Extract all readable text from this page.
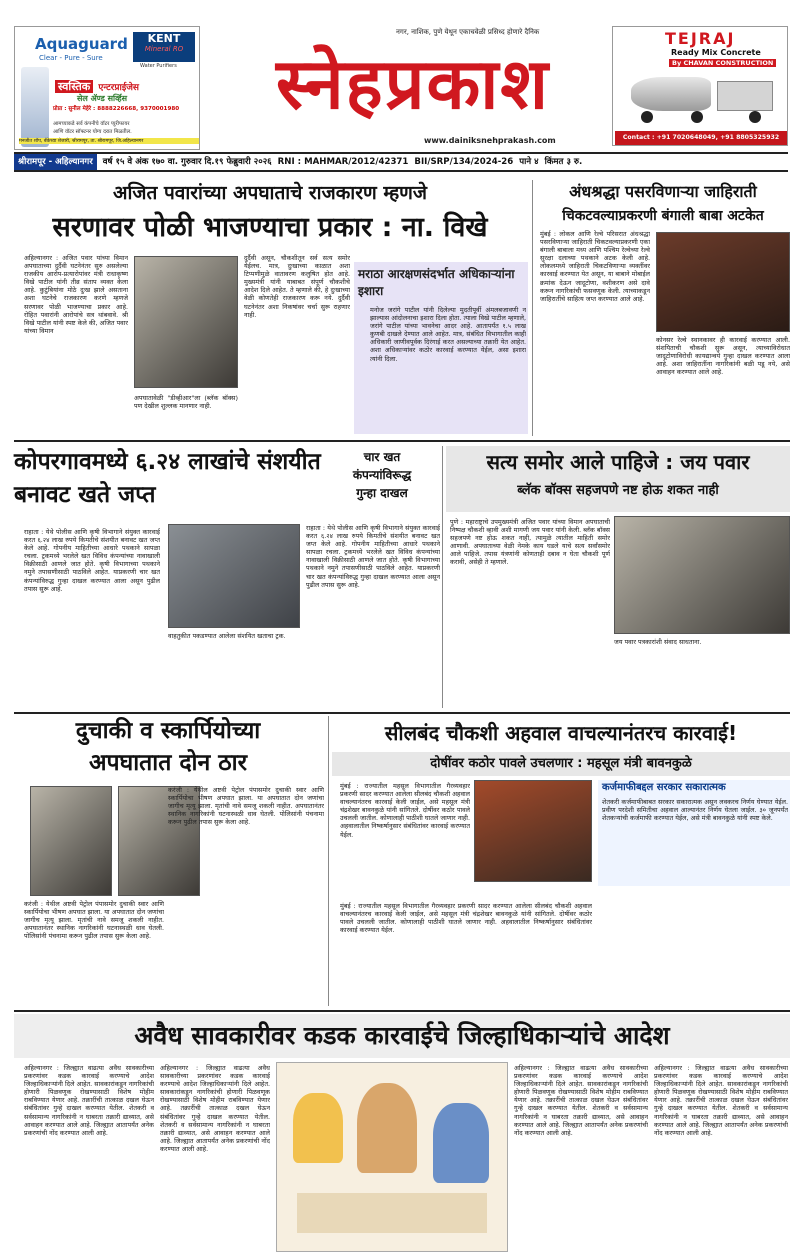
Aquaguard
Clear - Pure - Sure
KENT
Mineral RO
Water Purifiers
स्वस्तिक एन्टरप्राईजेस
सेल ॲण्ड सर्व्हिस
प्रोप्रा : सुनील मेहेरे : 8888226668, 9370001980
आमच्याकडे सर्व कंपनीचे वॉटर प्युरीफायर
आणि वॉटर सॉफ्टनर योग्य दरात मिळतील.
मनजीत शॉप, बँकेच्या शेजारी, श्रीरामपूर, ता. श्रीरामपूर, जि.अहिल्यानगर
नगर, नाशिक, पुणे येथून एकाचवेळी प्रसिध्द होणारे दैनिक
स्नेहप्रकाश
www.dainiksnehprakash.com
TEJRAJ
Ready Mix Concrete
By CHAVAN CONSTRUCTION
Contact : +91 7020648049, +91 8805325932
श्रीरामपूर - अहिल्यानगर वर्ष १५ वे अंक १७० वा. गुरुवार दि.१९ फेब्रुवारी २०२६ RNI : MAHMAR/2012/42371 BII/SRP/134/2024-26 पाने ४ किंमत ३ रु.
अजित पवारांच्या अपघाताचे राजकारण म्हणजे
सरणावर पोळी भाजण्याचा प्रकार : ना. विखे
अहिल्यानगर : अजित पवार यांच्या विमान अपघाताच्या दुर्दैवी घटनेनंतर सुरु असलेल्या राजकीय आरोप-प्रत्यारोपांवर मंत्री राधाकृष्ण विखे पाटील यांनी तीव्र संताप व्यक्त केला आहे. कुटुंबियांना मोठे दुःख झाले असताना अशा घटनेचे राजकारण करणे म्हणजे सरणावर पोळी भाजण्याचा प्रकार आहे. रोहित पवारांनी आरोपांचे सत्र थांबवावे. श्री विखे पाटील यांनी स्पष्ट केले की, अजित पवार यांच्या विमान
अपघातावेळी "डीव्हीआर"ला (ब्लॅक बॉक्स) पण देखील शुल्लक मानणार नाही.
दुर्दैवी असून, चौकशीतून सर्व सत्य समोर येईलच. मात्र, दुःखाच्या काळात अशा टिप्पणीमुळे वातावरण कलुषित होत आहे. मुख्यमंत्री यांनी याबाबत संपूर्ण चौकशीचे आदेश दिले आहेत. ते म्हणाले की, हे दुःखाच्या वेळी कोणतेही राजकारण करू नये. दुर्दैवी घटनेनंतर अशा निकषांवर चर्चा सुरू राहणार नाही.
मराठा आरक्षणसंदर्भात अधिकाऱ्यांना इशारा
मनोज जरांगे पाटील यांनी दिलेल्या मुदतीपूर्वी अंमलबजावणी न झाल्यास आंदोलनाचा इशारा दिला होता. त्याला विखे पाटील म्हणाले, जरांगे पाटील यांच्या भावनेचा आदर आहे. आतापर्यंत १.५ लाख कुणबी दाखले देण्यात आले आहेत. मात्र, संबंधित विभागातील काही अधिकारी जाणीवपूर्वक दिरंगाई करत असल्याच्या तक्रारी येत आहेत. अशा अधिकाऱ्यांवर कठोर कारवाई करण्यात येईल, असा इशारा त्यांनी दिला.
अंधश्रद्धा पसरविणाऱ्या जाहिराती
चिकटवल्याप्रकरणी बंगाली बाबा अटकेत
मुंबई : लोकल आणि रेल्वे परिसरात अंधश्रद्धा पसरविणाऱ्या जाहिराती चिकटवल्याप्रकरणी एका बंगाली बाबाला मध्य आणि पश्चिम रेल्वेच्या रेल्वे सुरक्षा दलाच्या पथकाने अटक केली आहे. लोकलमध्ये जाहिराती चिकटविणाऱ्या व्यक्तींवर कारवाई करण्यात येत असून, या बाबाने मोबाईल क्रमांक देऊन जादूटोणा, वशीकरण असे दावे करून नागरिकांची फसवणूक केली. त्याच्याकडून जाहिरातींचे साहित्य जप्त करण्यात आले आहे.
कोनसर रेल्वे स्थानकावर ही कारवाई करण्यात आली. संशयिताची चौकशी सुरू असून, त्याच्याविरोधात जादूटोणाविरोधी कायद्यान्वये गुन्हा दाखल करण्यात आला आहे. अशा जाहिरातींना नागरिकांनी बळी पडू नये, असे आवाहन करण्यात आले आहे.
कोपरगावमध्ये ६.२४ लाखांचे संशयीत बनावट खते जप्त
चार खत
कंपन्यांविरूद्ध
गुन्हा दाखल
राहाता : येथे पोलीस आणि कृषी विभागाने संयुक्त कारवाई करत ६.२४ लाख रुपये किमतीचे संशयीत बनावट खत जप्त केले आहे. गोपनीय माहितीच्या आधारे पथकाने सापळा रचला. ट्रकमध्ये भरलेले खत विविध कंपन्यांच्या नावाखाली विक्रीसाठी आणले जात होते. कृषी विभागाच्या पथकाने नमुने तपासणीसाठी पाठविले आहेत. याप्रकरणी चार खत कंपन्यांविरुद्ध गुन्हा दाखल करण्यात आला असून पुढील तपास सुरू आहे.
वाहतुकीत पकडण्यात आलेला संशयित खताचा ट्रक.
राहाता : येथे पोलीस आणि कृषी विभागाने संयुक्त कारवाई करत ६.२४ लाख रुपये किमतीचे संशयीत बनावट खत जप्त केले आहे. गोपनीय माहितीच्या आधारे पथकाने सापळा रचला. ट्रकमध्ये भरलेले खत विविध कंपन्यांच्या नावाखाली विक्रीसाठी आणले जात होते. कृषी विभागाच्या पथकाने नमुने तपासणीसाठी पाठविले आहेत. याप्रकरणी चार खत कंपन्यांविरुद्ध गुन्हा दाखल करण्यात आला असून पुढील तपास सुरू आहे.
सत्य समोर आले पाहिजे : जय पवार
ब्लॅक बॉक्स सहजपणे नष्ट होऊ शकत नाही
पुणे : महाराष्ट्राचे उपमुख्यमंत्री अजित पवार यांच्या विमान अपघाताची निष्पक्ष चौकशी व्हावी अशी मागणी जय पवार यांनी केली. ब्लॅक बॉक्स सहजपणे नष्ट होऊ शकत नाही, त्यामुळे त्यातील माहिती समोर आणावी. अपघाताच्या वेळी नेमके काय घडले याचे सत्य सर्वांसमोर आले पाहिजे. तपास यंत्रणांनी कोणताही दबाव न घेता चौकशी पूर्ण करावी, असेही ते म्हणाले.
जय पवार पत्रकारांशी संवाद साधताना.
दुचाकी व स्कार्पियोच्या
अपघातात दोन ठार
करंजी : येथील अष्टवी पेट्रोल पंपासमोर दुचाकी स्वार आणि स्कार्पियोचा भीषण अपघात झाला. या अपघातात दोन जणांचा जागीच मृत्यू झाला. मृतांची नावे समजू शकली नाहीत. अपघातानंतर स्थानिक नागरिकांनी घटनास्थळी धाव घेतली. पोलिसांनी पंचनामा करून पुढील तपास सुरू केला आहे.
करंजी : येथील अष्टवी पेट्रोल पंपासमोर दुचाकी स्वार आणि स्कार्पियोचा भीषण अपघात झाला. या अपघातात दोन जणांचा जागीच मृत्यू झाला. मृतांची नावे समजू शकली नाहीत. अपघातानंतर स्थानिक नागरिकांनी घटनास्थळी धाव घेतली. पोलिसांनी पंचनामा करून पुढील तपास सुरू केला आहे.
सीलबंद चौकशी अहवाल वाचल्यानंतरच कारवाई!
दोषींवर कठोर पावले उचलणार : महसूल मंत्री बावनकुळे
मुंबई : राज्यातील महसूल विभागातील गैरव्यवहार प्रकरणी सादर करण्यात आलेला सीलबंद चौकशी अहवाल वाचल्यानंतरच कारवाई केली जाईल, असे महसूल मंत्री चंद्रशेखर बावनकुळे यांनी सांगितले. दोषींवर कठोर पावले उचलली जातील. कोणालाही पाठीशी घातले जाणार नाही. अहवालातील निष्कर्षानुसार संबंधितांवर कारवाई करण्यात येईल.
मुंबई : राज्यातील महसूल विभागातील गैरव्यवहार प्रकरणी सादर करण्यात आलेला सीलबंद चौकशी अहवाल वाचल्यानंतरच कारवाई केली जाईल, असे महसूल मंत्री चंद्रशेखर बावनकुळे यांनी सांगितले. दोषींवर कठोर पावले उचलली जातील. कोणालाही पाठीशी घातले जाणार नाही. अहवालातील निष्कर्षानुसार संबंधितांवर कारवाई करण्यात येईल.
कर्जमाफीबद्दल सरकार सकारात्मक
शेतकरी कर्जमाफीबाबत सरकार सकारात्मक असून लवकरच निर्णय घेण्यात येईल. प्रवीण परदेशी समितीचा अहवाल आल्यानंतर निर्णय घेतला जाईल. ३० जूनपर्यंत शेतकऱ्यांची कर्जमाफी करण्यात येईल, असे मंत्री बावनकुळे यांनी स्पष्ट केले.
अवैध सावकारीवर कडक कारवाईचे जिल्हाधिकाऱ्यांचे आदेश
अहिल्यानगर : जिल्ह्यात वाढत्या अवैध सावकारीच्या प्रकरणांवर कडक कारवाई करण्याचे आदेश जिल्हाधिकाऱ्यांनी दिले आहेत. सावकारांकडून नागरिकांची होणारी पिळवणूक रोखण्यासाठी विशेष मोहीम राबविण्यात येणार आहे. तक्रारींची तात्काळ दखल घेऊन संबंधितांवर गुन्हे दाखल करण्यात येतील. शेतकरी व सर्वसामान्य नागरिकांनी न घाबरता तक्रारी द्याव्यात, असे आवाहन करण्यात आले आहे. जिल्ह्यात आतापर्यंत अनेक प्रकरणांची नोंद करण्यात आली आहे.
अहिल्यानगर : जिल्ह्यात वाढत्या अवैध सावकारीच्या प्रकरणांवर कडक कारवाई करण्याचे आदेश जिल्हाधिकाऱ्यांनी दिले आहेत. सावकारांकडून नागरिकांची होणारी पिळवणूक रोखण्यासाठी विशेष मोहीम राबविण्यात येणार आहे. तक्रारींची तात्काळ दखल घेऊन संबंधितांवर गुन्हे दाखल करण्यात येतील. शेतकरी व सर्वसामान्य नागरिकांनी न घाबरता तक्रारी द्याव्यात, असे आवाहन करण्यात आले आहे. जिल्ह्यात आतापर्यंत अनेक प्रकरणांची नोंद करण्यात आली आहे.
अहिल्यानगर : जिल्ह्यात वाढत्या अवैध सावकारीच्या प्रकरणांवर कडक कारवाई करण्याचे आदेश जिल्हाधिकाऱ्यांनी दिले आहेत. सावकारांकडून नागरिकांची होणारी पिळवणूक रोखण्यासाठी विशेष मोहीम राबविण्यात येणार आहे. तक्रारींची तात्काळ दखल घेऊन संबंधितांवर गुन्हे दाखल करण्यात येतील. शेतकरी व सर्वसामान्य नागरिकांनी न घाबरता तक्रारी द्याव्यात, असे आवाहन करण्यात आले आहे. जिल्ह्यात आतापर्यंत अनेक प्रकरणांची नोंद करण्यात आली आहे.
अहिल्यानगर : जिल्ह्यात वाढत्या अवैध सावकारीच्या प्रकरणांवर कडक कारवाई करण्याचे आदेश जिल्हाधिकाऱ्यांनी दिले आहेत. सावकारांकडून नागरिकांची होणारी पिळवणूक रोखण्यासाठी विशेष मोहीम राबविण्यात येणार आहे. तक्रारींची तात्काळ दखल घेऊन संबंधितांवर गुन्हे दाखल करण्यात येतील. शेतकरी व सर्वसामान्य नागरिकांनी न घाबरता तक्रारी द्याव्यात, असे आवाहन करण्यात आले आहे. जिल्ह्यात आतापर्यंत अनेक प्रकरणांची नोंद करण्यात आली आहे.
